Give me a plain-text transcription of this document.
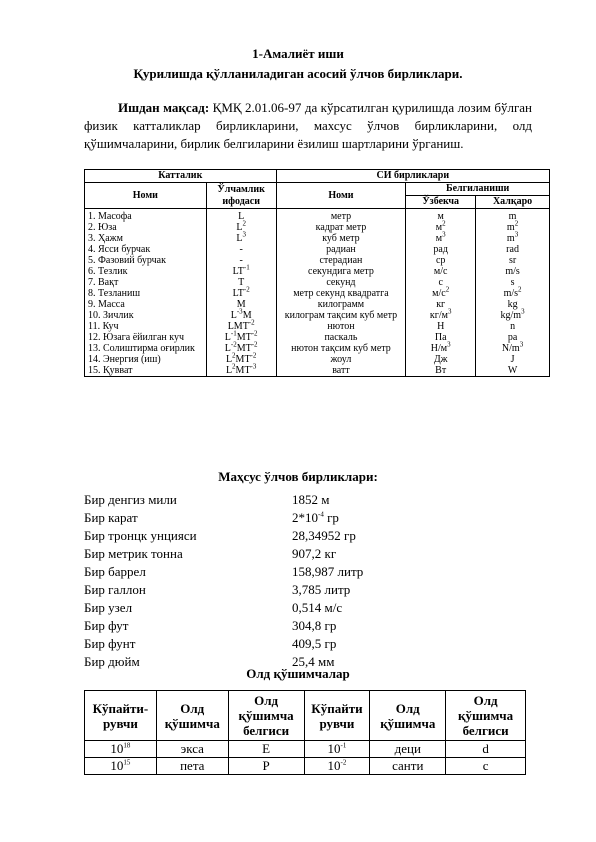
1-Амалиёт иши
Қурилишда қўлланиладиган асосий ўлчов бирликлари.
Ишдан мақсад: ҚМҚ 2.01.06-97 да кўрсатилган қурилишда лозим бўлган физик катталиклар бирликларини, махсус ўлчов бирликларини, олд қўшимчаларини, бирлик белгиларини ёзилиш шартларини ўрганиш.
Катталик		СИ бирликлари		
Номи	Ўлчамлик ифодаси	Номи	Белгиланиши	
			Ўзбекча	Халқаро
1. Масофа	L	метр	м	m
2. Юза	$L^2$	кадрат метр	$м^2$	$m^2$
3. Ҳажм	$L^3$	куб метр	$м^3$	$m^3$
4. Ясси бурчак	-	радиан	рад	rad
5. Фазовий бурчак	-	стерадиан	ср	sr
6. Тезлик	$LT^{-1}$	секундига метр	м/с	m/s
7. Вақт	T	секунд	с	s
8. Тезланиш	$LT^{-2}$	метр секунд квадратга	$м/с^2$	$m/s^2$
9. Масса	M	килограмм	кг	kg
10. Зичлик	$L^{-3}M$	килограм тақсим куб метр	$кг/м^3$	$kg/m^3$
11. Куч	$LMT^{-2}$	нютон	Н	n
12. Юзага ёйилган куч	$L^{-1}MT^{-2}$	паскаль	Па	pa
13. Солиштирма оғирлик	$L^{-2}MT^{-2}$	нютон тақсим куб метр	$Н/м^3$	$N/m^3$
14. Энергия (иш)	$L^2MT^{-2}$	жоул	Дж	J
15. Қувват	$L^2MT^{-3}$	ватт	Вт	W
Маҳсус ўлчов бирликлари:
Бир денгиз мили	1852 м
Бир карат	$2*10^{-4}$ гр
Бир тронцк унцияси	28,34952 гр
Бир метрик тонна	907,2 кг
Бир баррел	158,987 литр
Бир галлон	3,785 литр
Бир узел	0,514 м/с
Бир фут	304,8 гр
Бир фунт	409,5 гр
Бир дюйм	25,4 мм
Олд қўшимчалар
Кўпайти-рувчи	Олд қўшимча	Олд қўшимча белгиси	Кўпайти рувчи	Олд қўшимча	Олд қўшимча белгиси
$10^{18}$	экса	Е	$10^{-1}$	деци	d
$10^{15}$	пета	Р	$10^{-2}$	санти	с
